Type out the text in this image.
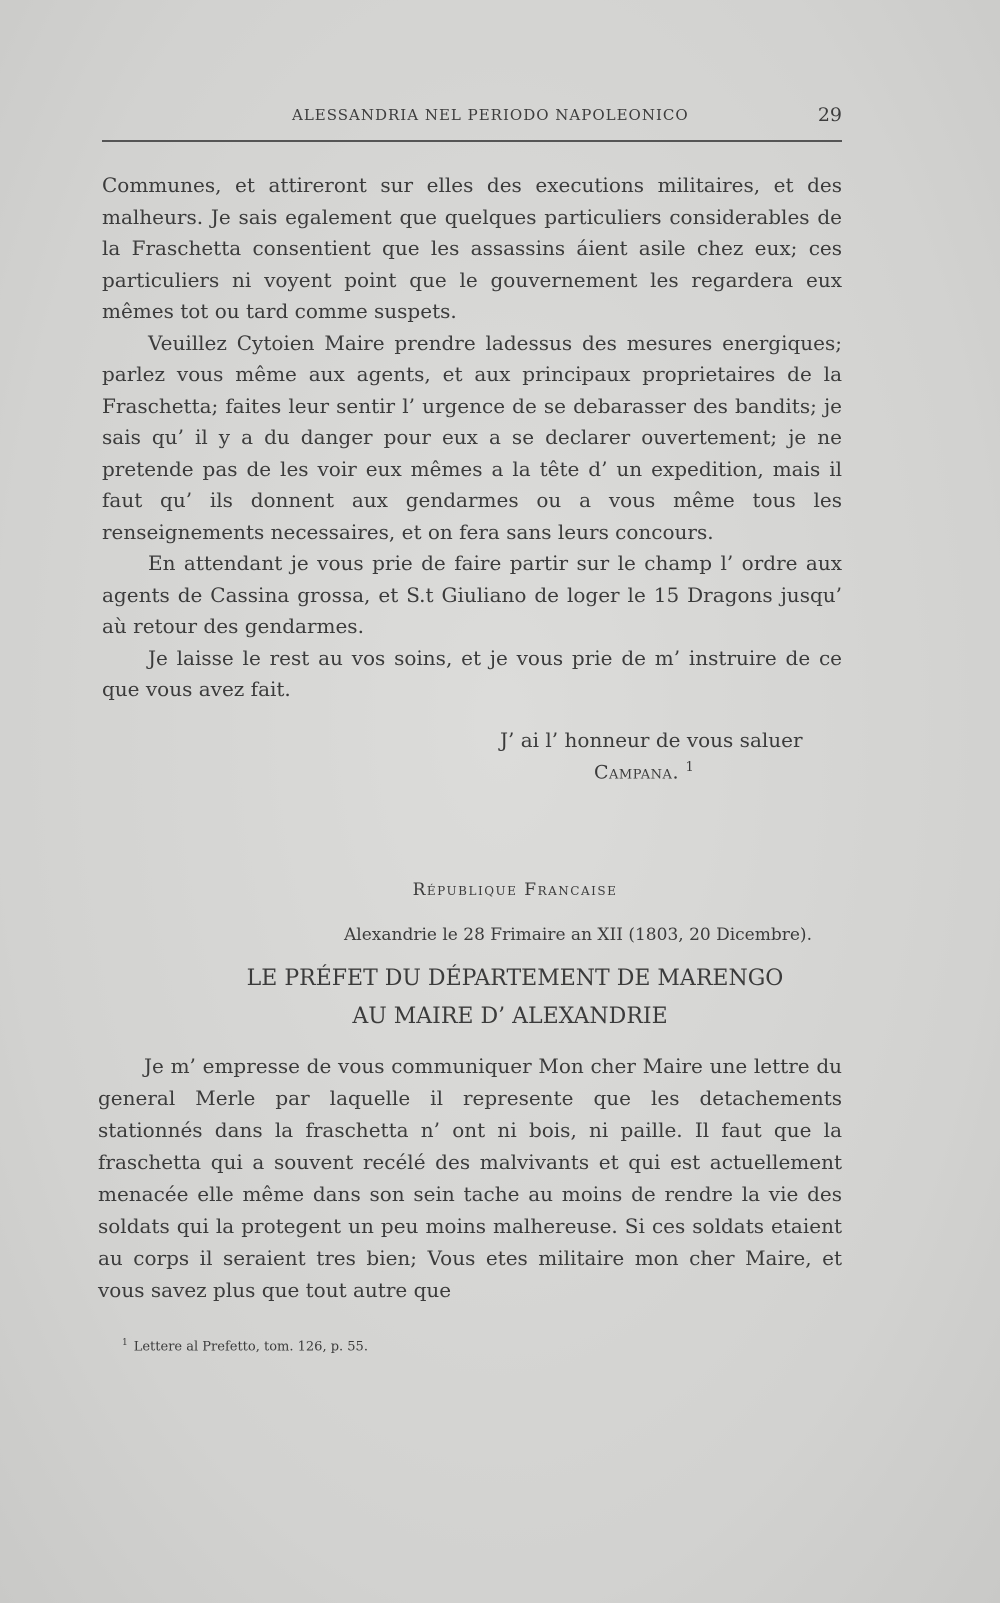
ALESSANDRIA NEL PERIODO NAPOLEONICO	29

Communes, et attireront sur elles des executions militaires, et des malheurs. Je sais egalement que quelques particuliers considerables de la Fraschetta consentient que les assassins áient asile chez eux; ces particuliers ni voyent point que le gouvernement les regardera eux mêmes tot ou tard comme suspets.

Veuillez Cytoien Maire prendre ladessus des mesures energiques; parlez vous même aux agents, et aux principaux proprietaires de la Fraschetta; faites leur sentir l’ urgence de se debarasser des bandits; je sais qu’ il y a du danger pour eux a se declarer ouvertement; je ne pretende pas de les voir eux mêmes a la tête d’ un expedition, mais il faut qu’ ils donnent aux gendarmes ou a vous même tous les renseignements necessaires, et on fera sans leurs concours.

En attendant je vous prie de faire partir sur le champ l’ ordre aux agents de Cassina grossa, et S.t Giuliano de loger le 15 Dragons jusqu’ aù retour des gendarmes.

Je laisse le rest au vos soins, et je vous prie de m’ instruire de ce que vous avez fait.

J’ ai l’ honneur de vous saluer
Campana. $^1$
République Francaise
Alexandrie le 28 Frimaire an XII (1803, 20 Dicembre).
LE PRÉFET DU DÉPARTEMENT DE MARENGO
AU MAIRE D’ ALEXANDRIE

Je m’ empresse de vous communiquer Mon cher Maire une lettre du general Merle par laquelle il represente que les detachements stationnés dans la fraschetta n’ ont ni bois, ni paille. Il faut que la fraschetta qui a souvent recélé des malvivants et qui est actuellement menacée elle même dans son sein tache au moins de rendre la vie des soldats qui la protegent un peu moins malhereuse. Si ces soldats etaient au corps il seraient tres bien; Vous etes militaire mon cher Maire, et vous savez plus que tout autre que

$^1$ Lettere al Prefetto, tom. 126, p. 55.
